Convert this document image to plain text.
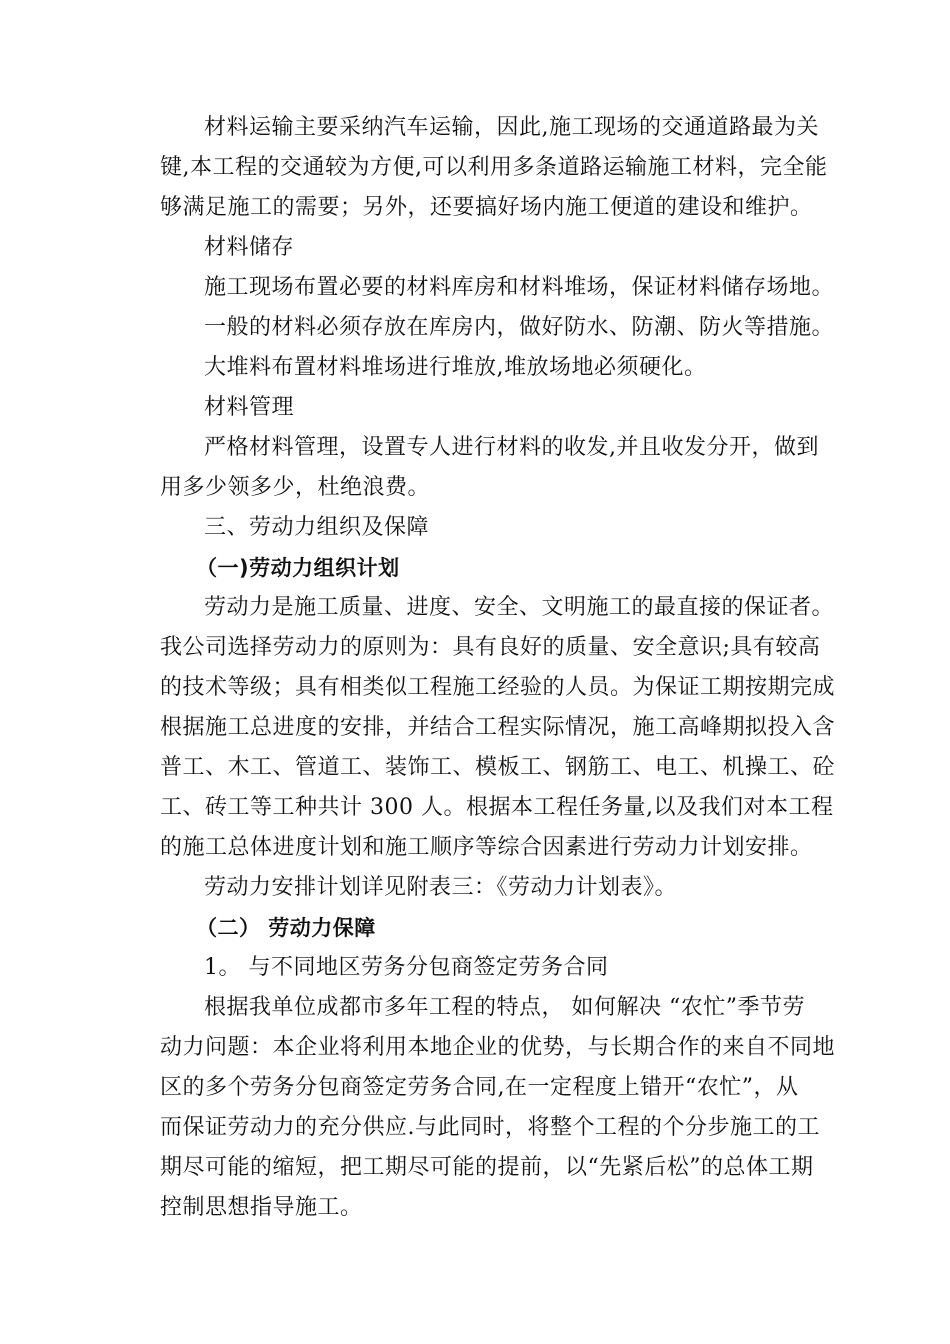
材料运输主要采纳汽车运输，因此,施工现场的交通道路最为关
键,本工程的交通较为方便,可以利用多条道路运输施工材料，完全能
够满足施工的需要；另外，还要搞好场内施工便道的建设和维护。
材料储存
施工现场布置必要的材料库房和材料堆场，保证材料储存场地。
一般的材料必须存放在库房内，做好防水、防潮、防火等措施。
大堆料布置材料堆场进行堆放,堆放场地必须硬化。
材料管理
严格材料管理，设置专人进行材料的收发,并且收发分开，做到
用多少领多少，杜绝浪费。
三、劳动力组织及保障
（一)劳动力组织计划
劳动力是施工质量、进度、安全、文明施工的最直接的保证者。
我公司选择劳动力的原则为：具有良好的质量、安全意识;具有较高
的技术等级；具有相类似工程施工经验的人员。为保证工期按期完成
根据施工总进度的安排，并结合工程实际情况，施工高峰期拟投入含
普工、木工、管道工、装饰工、模板工、钢筋工、电工、机操工、砼
工、砖工等工种共计 300 人。根据本工程任务量,以及我们对本工程
的施工总体进度计划和施工顺序等综合因素进行劳动力计划安排。
劳动力安排计划详见附表三：《劳动力计划表》。
（二） 劳动力保障
1。 与不同地区劳务分包商签定劳务合同
根据我单位成都市多年工程的特点， 如何解决 “农忙”季节劳
动力问题：本企业将利用本地企业的优势，与长期合作的来自不同地
区的多个劳务分包商签定劳务合同,在一定程度上错开“农忙”，从
而保证劳动力的充分供应.与此同时，将整个工程的个分步施工的工
期尽可能的缩短，把工期尽可能的提前，以“先紧后松”的总体工期
控制思想指导施工。
